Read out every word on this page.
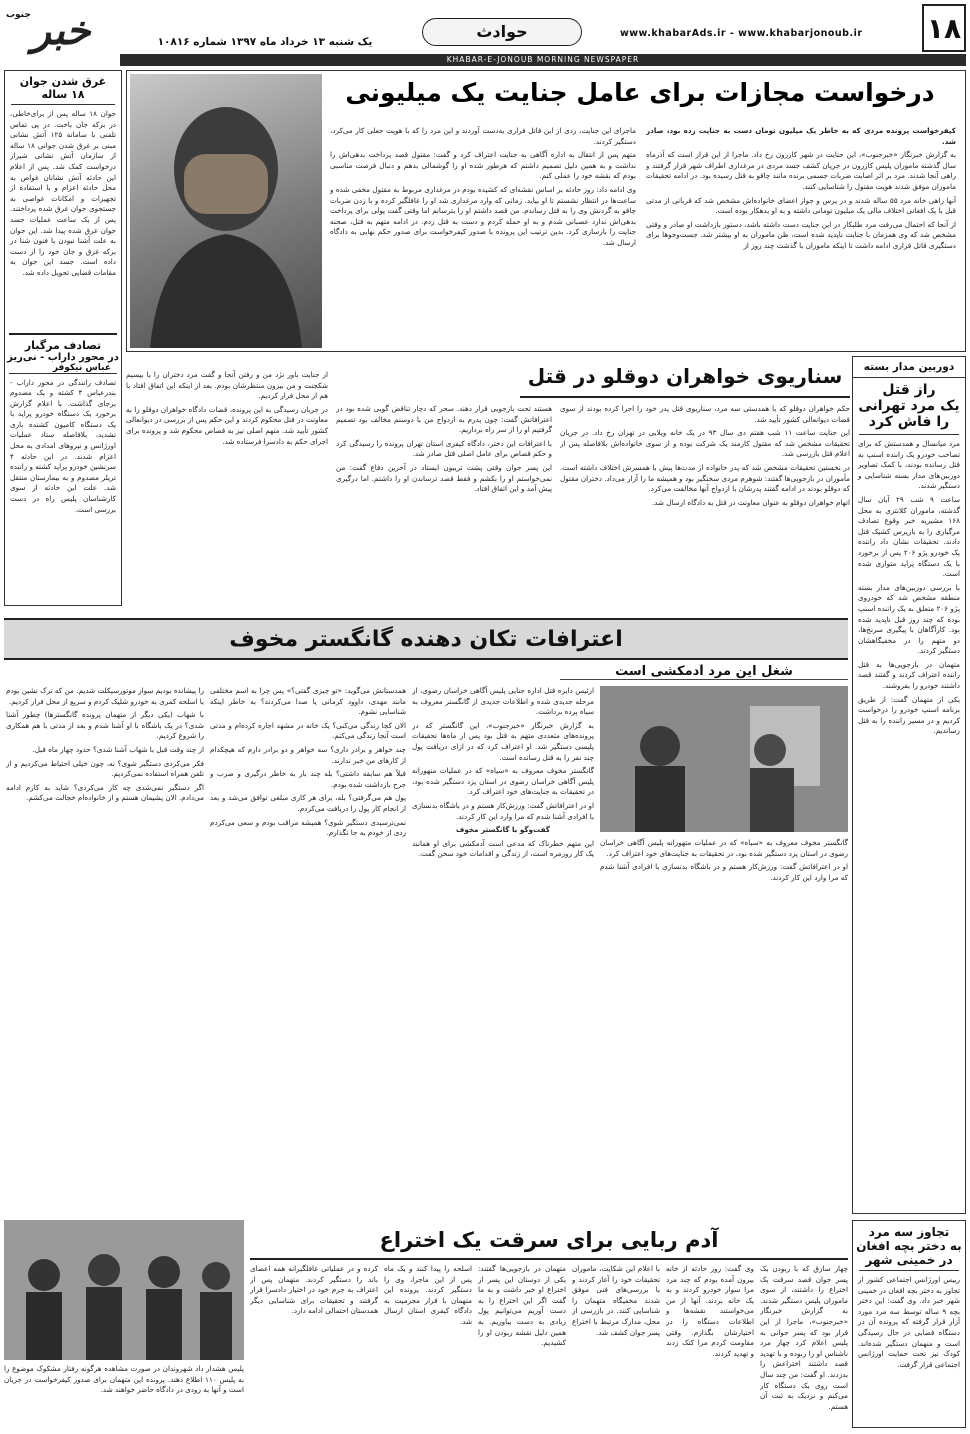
۱۸
www.khabarAds.ir - www.khabarjonoub.ir
حوادث
خبر
جنوب
یک شنبه ۱۳ خرداد ماه ۱۳۹۷ شماره ۱۰۸۱۶
KHABAR-E-JONOUB MORNING NEWSPAPER
غرق شدن جوان
۱۸ ساله
جوان ۱۸ ساله پس از برای‌خاطی، در برکه جان باخت. در پی تماس تلفنی با سامانه ۱۲۵ آتش نشانی مبنی بر غرق شدن جوانی ۱۸ ساله از سازمان آتش نشانی شیراز درخواست کمک شد. پس از اعلام این حادثه آتش نشانان غواص به محل حادثه اعزام و با استفاده از تجهیزات و امکانات غواصی به جستجوی جوان غرق شده پرداختند. پس از یک ساعت عملیات جسد جوان غرق شده پیدا شد. این جوان به علت آشنا نبودن با فنون شنا در برکه غرق و جان خود را از دست داده است. جسد این جوان به مقامات قضایی تحویل داده شد.
تصادف مرگبار
در محور داراب - نی‌ریز
عباس نیکوفر
تصادف رانندگی در محور داراب - بندرعباس ۴ کشته و یک مصدوم برجای گذاشت. با اعلام گزارش برخورد یک دستگاه خودرو پراید با یک دستگاه کامیون کشنده باری تشدید، بلافاصله ستاد عملیات اورژانس و نیروهای امدادی به محل اعزام شدند. در این حادثه ۴ سرنشین خودرو پراید کشته و راننده تریلر مصدوم و به بیمارستان منتقل شد. علت این حادثه از سوی کارشناسان پلیس راه در دست بررسی است.
درخواست مجازات برای عامل جنایت یک میلیونی

کیفرخواست پرونده مردی که به خاطر یک میلیون تومان دست به جنایت زده بود، صادر شد.

به گزارش خبرنگار «خبرجنوب»، این جنایت در شهر کازرون رخ داد. ماجرا از این قرار است که آذرماه سال گذشته ماموران پلیس کازرون در جریان کشف جسد مردی در مرغداری اطراف شهر قرار گرفتند و راهی آنجا شدند. مرد بر اثر اصابت ضربات جسمی برنده مانند چاقو به قتل رسیده بود. در ادامه تحقیقات ماموران موفق شدند هویت مقتول را شناسایی کنند.

آنها راهی خانه مرد ۵۵ ساله شدند و در پرس و جواز اعضای خانواده‌اش مشخص شد که قربانی از مدتی قبل با یک افغانی اختلاف مالی یک میلیون تومانی داشته و به او بدهکار بوده است.

از آنجا که احتمال می‌رفت مرد طلبکار در این جنایت دست داشته باشد، دستور بازداشت او صادر و وقتی مشخص شد که وی همزمان با جنایت ناپدید شده است، ظن ماموران به او بیشتر شد. جست‌وجوها برای دستگیری قاتل فراری ادامه داشت تا اینکه ماموران با گذشت چند روز از

ماجرای این جنایت، ردی از این قاتل فراری به‌دست آوردند و این مرد را که با هویت جعلی کار می‌کرد، دستگیر کردند.

متهم پس از انتقال به اداره آگاهی به جنایت اعتراف کرد و گفت: مقتول قصد پرداخت بدهی‌اش را نداشت و به همین دلیل تصمیم داشتم که هرطور شده او را گوشمالی بدهم و دنبال فرصت مناسبی بودم که نقشه خود را عملی کنم.

وی ادامه داد: روز حادثه بر اساس نقشه‌ای که کشیده بودم در مرغداری مربوط به مقتول مخفی شده و ساعت‌ها در انتظار نشستم تا او بیاید. زمانی که وارد مرغداری شد او را غافلگیر کرده و با زدن ضربات چاقو به گردنش وی را به قتل رساندم. من قصد داشتم او را بترسانم اما وقتی گفت پولی برای پرداخت بدهی‌اش ندارد عصبانی شدم و به او حمله کردم و دست به قتل زدم. در ادامه متهم به قتل، صحنه جنایت را بازسازی کرد. بدین ترتیب این پرونده با صدور کیفرخواست برای صدور حکم نهایی به دادگاه ارسال شد.

سناریوی خواهران دوقلو در قتل

حکم خواهران دوقلو که با همدستی سه مرد، سناریوی قتل پدر خود را اجرا کرده بودند از سوی قضات دیوانعالی کشور تأیید شد.

این جنایت ساعت ۱۱ شب هفتم دی سال ۹۳ در یک خانه ویلایی در تهران رخ داد. در جریان تحقیقات مشخص شد که مقتول کارمند یک شرکت بوده و از سوی خانواده‌اش بلافاصله پس از اعلام قتل بازرسی شد.

در نخستین تحقیقات مشخص شد که پدر خانواده از مدت‌ها پیش با همسرش اختلاف داشته است. مأموران در بازجویی‌ها گفتند: شوهرم مردی سختگیر بود و همیشه ما را آزار می‌داد. دختران مقتول که دوقلو بودند در ادامه گفتند پدرشان با ازدواج آنها مخالفت می‌کرد.

اتهام خواهران دوقلو به عنوان معاونت در قتل به دادگاه ارسال شد.

هستند تحت بازجویی قرار دهند. سحر که دچار تناقض گویی شده بود در اعترافاتش گفت: چون پدرم به ازدواج من با دوستم مخالف بود تصمیم گرفتیم او را از سر راه برداریم.

با اعترافات این دختر، دادگاه کیفری استان تهران پرونده را رسیدگی کرد و حکم قصاص برای عامل اصلی قتل صادر شد.

این پسر جوان وقتی پشت تریبون ایستاد در آخرین دفاع گفت: من نمی‌خواستم او را بکشم و فقط قصد ترساندن او را داشتم. اما درگیری پیش آمد و این اتفاق افتاد.

از جنایت باور نژد من و رفتن آنجا و گفت مرد دختران را با بیسیم شکجنت و من بیرون منتظرشان بودم. بعد از اینکه این اتفاق افتاد با هم از محل فرار کردیم.

در جریان رسیدگی به این پرونده، قضات دادگاه خواهران دوقلو را به معاونت در قتل محکوم کردند و این حکم پس از بررسی در دیوانعالی کشور تأیید شد. متهم اصلی نیز به قصاص محکوم شد و پرونده برای اجرای حکم به دادسرا فرستاده شد.

دوربین مدار بسته
راز قتل
یک مرد تهرانی
را فاش کرد

مرد میانسال و همدستش که برای تصاحب خودرو یک راننده اسنپ به قتل رسانده بودند، با کمک تصاویر دوربین‌های مدار بسته شناسایی و دستگیر شدند.

ساعت ۹ شب ۲۹ آبان سال گذشته، ماموران کلانتری به محل ۱۶۸ مشیریه خبر وقوع تصادف مرگباری را به بازپرس کشیک قتل دادند. تحقیقات نشان داد راننده یک خودرو پژو ۲۰۶ پس از برخورد با یک دستگاه پراید متواری شده است.

با بررسی دوربین‌های مدار بسته منطقه مشخص شد که خودروی پژو ۲۰۶ متعلق به یک راننده اسنپ بوده که چند روز قبل ناپدید شده بود. کارآگاهان با پیگیری سرنخ‌ها، دو متهم را در مخفیگاهشان دستگیر کردند.

متهمان در بازجویی‌ها به قتل راننده اعتراف کردند و گفتند قصد داشتند خودرو را بفروشند.

یکی از متهمان گفت: از طریق برنامه اسنپ خودرو را درخواست کردیم و در مسیر راننده را به قتل رساندیم.

اعترافات تکان دهنده گانگستر مخوف
شغل این مرد آدمکشی است

ارئیس دایره قتل اداره جنایی پلیس آگاهی خراسان رضوی، از مرحله جدیدی شده و اطلاعات جدیدی از گانگستر معروف به سیاه پرده برداشت.

به گزارش خبرنگار «خبرجنوب»، این گانگستر که در پرونده‌های متعددی متهم به قتل بود پس از ماه‌ها تحقیقات پلیسی دستگیر شد. او اعتراف کرد که در ازای دریافت پول چند نفر را به قتل رسانده است.

گانگستر مخوف معروف به «سیاه» که در عملیات متهورانه پلیس آگاهی خراسان رضوی در استان یزد دستگیر شده بود، در تحقیقات به جنایت‌های خود اعتراف کرد.

او در اعترافاتش گفت: ورزش‌کار هستم و در باشگاه بدنسازی با افرادی آشنا شدم که مرا وارد این کار کردند.

گفت‌وگو با گانگستر مخوف

این متهم خطرناک که مدعی است آدمکشی برای او همانند یک کار روزمره است، از زندگی و اقدامات خود سخن گفت.

گانگستر مخوف معروف به «سیاه» که در عملیات متهورانه پلیس آگاهی خراسان رضوی در استان یزد دستگیر شده بود، در تحقیقات به جنایت‌های خود اعتراف کرد.

او در اعترافاتش گفت: ورزش‌کار هستم و در باشگاه بدنسازی با افرادی آشنا شدم که مرا وارد این کار کردند.

همدستانش می‌گوید: «تو چیزی گفتی؟» پس چرا به اسم مختلفی مانند مهدی، داوود کرمانی یا صدا می‌کردند؟ به خاطر اینکه شناسایی نشوم.

الان کجا زندگی می‌کنی؟ یک خانه در مشهد اجاره کرده‌ام و مدتی است آنجا زندگی می‌کنم.

چند خواهر و برادر داری؟ سه خواهر و دو برادر دارم که هیچکدام از کارهای من خبر ندارند.

قبلاً هم سابقه داشتی؟ بله چند بار به خاطر درگیری و ضرب و جرح بازداشت شده بودم.

پول هم می‌گرفتی؟ بله، برای هر کاری مبلغی توافق می‌شد و بعد از انجام کار پول را دریافت می‌کردم.

نمی‌ترسیدی دستگیر شوی؟ همیشه مراقب بودم و سعی می‌کردم ردی از خودم به جا نگذارم.

را پیشانده بودیم سوار موتورسیکلت شدیم. من که ترک نشین بودم با اسلحه کمری به خودرو شلیک کردم و سریع از محل فرار کردیم.

با شهاب (یکی دیگر از متهمان پرونده گانگسترها) چطور آشنا شدی؟ در یک باشگاه با او آشنا شدم و بعد از مدتی با هم همکاری را شروع کردیم.

از چند وقت قبل با شهاب آشنا شدی؟ حدود چهار ماه قبل.

فکر می‌کردی دستگیر شوی؟ نه، چون خیلی احتیاط می‌کردیم و از تلفن همراه استفاده نمی‌کردیم.

اگر دستگیر نمی‌شدی چه کار می‌کردی؟ شاید به کارم ادامه می‌دادم. الان پشیمان هستم و از خانواده‌ام خجالت می‌کشم.

تجاوز سه مرد
به دختر بچه افغان
در خمینی شهر
رییس اورژانس اجتماعی کشور از تجاوز به دختر بچه افغان در خمینی شهر خبر داد. وی گفت: این دختر بچه ۹ ساله توسط سه مرد مورد آزار قرار گرفته که پرونده آن در دستگاه قضایی در حال رسیدگی است و متهمان دستگیر شده‌اند. کودک نیز تحت حمایت اورژانس اجتماعی قرار گرفت.
آدم ربایی برای سرقت یک اختراع
چهار سارق که با ربودن یک پسر جوان قصد سرقت یک اختراع را داشتند، از سوی ماموران پلیس دستگیر شدند. به گزارش خبرنگار «خبرجنوب»، ماجرا از این قرار بود که پسر جوانی به پلیس اعلام کرد چهار مرد ناشناس او را ربوده و با تهدید قصد داشتند اختراعش را بدزدند. او گفت: من چند سال است روی یک دستگاه کار می‌کنم و نزدیک به ثبت آن هستم.
وی گفت: روز حادثه از خانه بیرون آمده بودم که چند مرد مرا سوار خودرو کردند و به یک خانه بردند. آنها از من می‌خواستند نقشه‌ها و اطلاعات دستگاه را در اختیارشان بگذارم. وقتی مقاومت کردم مرا کتک زدند و تهدید کردند.
با اعلام این شکایت، ماموران تحقیقات خود را آغاز کردند و با بررسی‌های فنی موفق شدند مخفیگاه متهمان را شناسایی کنند. در بازرسی از محل، مدارک مرتبط با اختراع پسر جوان کشف شد.
متهمان در بازجویی‌ها گفتند: یکی از دوستان این پسر از اختراع او خبر داشت و به ما گفت اگر این اختراع را به دست آوریم می‌توانیم پول زیادی به دست بیاوریم. به همین دلیل نقشه ربودن او را کشیدیم.
اسلحه را پیدا کنند و یک ماه پس از این ماجرا، وی را دستگیر کردند. پرونده این متهمان با قرار مجرمیت به دادگاه کیفری استان ارسال شد.
کرده و در عملیاتی غافلگیرانه همه اعضای باند را دستگیر کردند. متهمان پس از اعتراف به جرم خود در اختیار دادسرا قرار گرفتند و تحقیقات برای شناسایی دیگر همدستان احتمالی ادامه دارد.
پلیس هشدار داد شهروندان در صورت مشاهده هرگونه رفتار مشکوک موضوع را به پلیس ۱۱۰ اطلاع دهند. پرونده این متهمان برای صدور کیفرخواست در جریان است و آنها به زودی در دادگاه حاضر خواهند شد.
